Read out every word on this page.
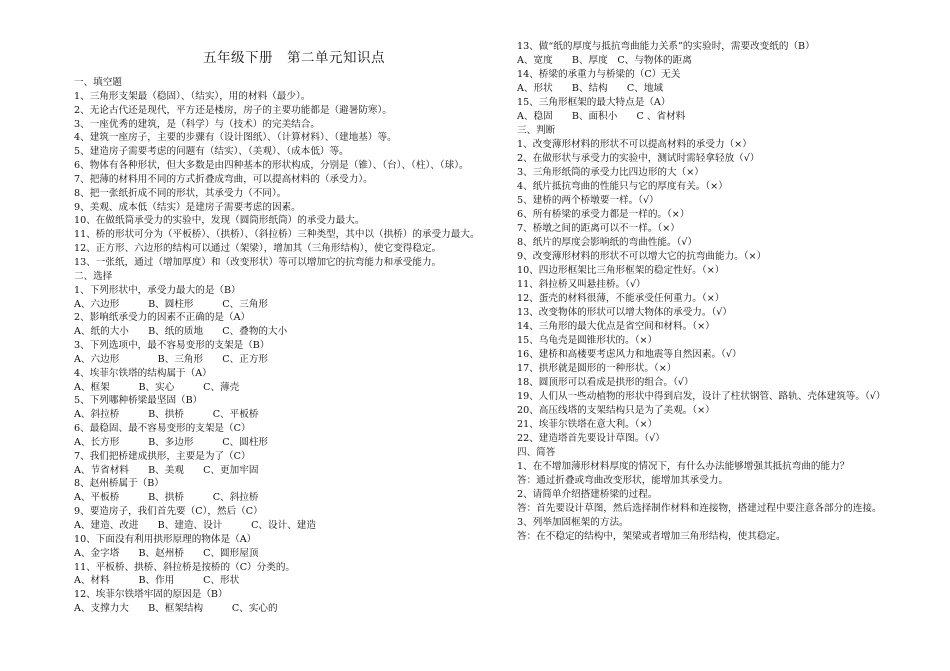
五年级下册　第二单元知识点
一、填空题
1、三角形支架最（稳固）、（结实），用的材料（最少）。
2、无论古代还是现代，平方还是楼房，房子的主要功能都是（避暑防寒）。
3、一座优秀的建筑，是（科学）与（技术）的完美结合。
4、建筑一座房子，主要的步骤有（设计图纸）、（计算材料）、（建地基）等。
5、建造房子需要考虑的问题有（结实）、（美观）、（成本低）等。
6、物体有各种形状，但大多数是由四种基本的形状构成，分别是（锥）、（台）、（柱）、（球）。
7、把薄的材料用不同的方式折叠成弯曲，可以提高材料的（承受力）。
8、把一张纸折成不同的形状，其承受力（不同）。
9、美观、成本低（结实）是建房子需要考虑的因素。
10、在做纸筒承受力的实验中，发现（圆筒形纸筒）的承受力最大。
11、桥的形状可分为（平板桥）、（拱桥）、（斜拉桥）三种类型，其中以（拱桥）的承受力最大。
12、正方形、六边形的结构可以通过（架梁），增加其（三角形结构），使它变得稳定。
13、一张纸，通过（增加厚度）和（改变形状）等可以增加它的抗弯能力和承受能力。
二、选择
1、下列形状中，承受力最大的是（B）
A、六边形　　　B、圆柱形　　　C、三角形
2、影响纸承受力的因素不正确的是（A）
A、纸的大小　　B、纸的质地　　C、叠物的大小
3、下列选项中，最不容易变形的支架是（B）
A、六边形　　　　B、三角形　　C、正方形
4、埃菲尔铁塔的结构属于（A）
A、框架　　　B、实心　　　C、薄壳
5、下列哪种桥梁最坚固（B）
A、斜拉桥　　　B、拱桥　　　C、平板桥
6、最稳固、最不容易变形的支架是（C）
A、长方形　　　B、多边形　　　C、圆柱形
7、我们把桥建成拱形，主要是为了（C）
A、节省材料　　B、美观　　C、更加牢固
8、赵州桥属于（B）
A、平板桥　　　B、拱桥　　　C、斜拉桥
9、要造房子，我们首先要（C），然后（C）
A、建造、改进　　B、建造、设计　　　C、设计、建造
10、下面没有利用拱形原理的物体是（A）
A、金字塔　　B、赵州桥　　C、圆形屋顶
11、平板桥、拱桥、斜拉桥是按桥的（C）分类的。
A、材料　　　B、作用　　　C、形状
12、埃菲尔铁塔牢固的原因是（B）
A、支撑力大　　B、框架结构　　　C、实心的
13、做“纸的厚度与抵抗弯曲能力关系”的实验时，需要改变纸的（B）
A、宽度　　B、厚度　C、与物体的距离
14、桥梁的承重力与桥梁的（C）无关
A、形状　　B、结构　　C、地域
15、三角形框架的最大特点是（A）
A、稳固　　B、面积小　　C 、省材料
三、判断
1、改变薄形材料的形状不可以提高材料的承受力（×）
2、在做形状与承受力的实验中，测试时需轻拿轻放（√）
3、三角形纸筒的承受力比四边形的大（×）
4、纸片抵抗弯曲的性能只与它的厚度有关。（×）
5、建桥的两个桥墩要一样。（√）
6、所有桥梁的承受力都是一样的。（×）
7、桥墩之间的距离可以不一样。（×）
8、纸片的厚度会影响纸的弯曲性能。（√）
9、改变薄形材料的形状不可以增大它的抗弯曲能力。（×）
10、四边形框架比三角形框架的稳定性好。（×）
11、斜拉桥又叫悬挂桥。（√）
12、蛋壳的材料很薄，不能承受任何重力。（×）
13、改变物体的形状可以增大物体的承受力。（√）
14、三角形的最大优点是省空间和材料。（×）
15、乌龟壳是圆锥形状的。（×）
16、建桥和高楼要考虑风力和地震等自然因素。（√）
17、拱形就是圆形的一种形状。（×）
18、圆顶形可以看成是拱形的组合。（√）
19、人们从一些动植物的形状中得到启发，设计了柱状钢管、路轨、壳体建筑等。（√）
20、高压线塔的支架结构只是为了美观。（×）
21、埃菲尔铁塔在意大利。（×）
22、建造塔首先要设计草图。（√）
四、简答
1、在不增加薄形材料厚度的情况下，有什么办法能够增强其抵抗弯曲的能力？
答：通过折叠或弯曲改变形状，能增加其承受力。
2、请简单介绍搭建桥梁的过程。
答：首先要设计草图，然后选择制作材料和连接物，搭建过程中要注意各部分的连接。
3、列举加固框架的方法。
答：在不稳定的结构中，架梁或者增加三角形结构，使其稳定。
